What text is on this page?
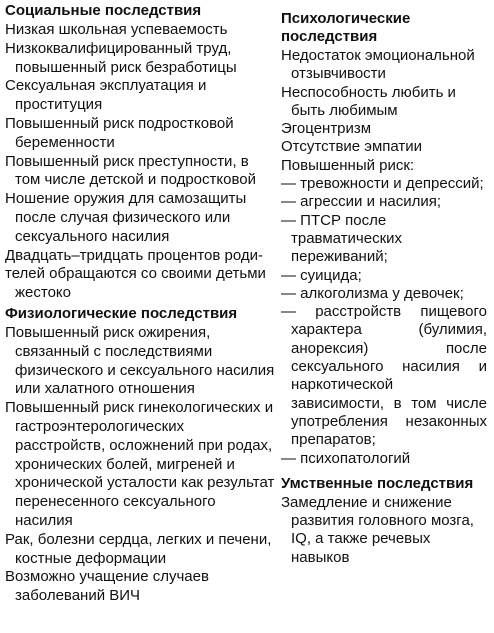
Социальные последствия
Низкая школьная успеваемость
Низкоквалифицированный труд, повышенный риск безработицы
Сексуальная эксплуатация и проституция
Повышенный риск подростковой беременности
Повышенный риск преступности, в том числе детской и подростковой
Ношение оружия для самозащиты после случая физического или сексуального насилия
Двадцать–тридцать процентов роди-
телей обращаются со своими детьми жестоко
Физиологические последствия
Повышенный риск ожирения, связанный с последствиями физического и сексуального насилия или халатного отношения
Повышенный риск гинекологических и гастроэнтерологических расстройств, осложнений при родах, хронических болей, мигреней и хронической усталости как результат перенесенного сексуального насилия
Рак, болезни сердца, легких и печени, костные деформации
Возможно учащение случаев заболеваний ВИЧ
Психологические последствия
Недостаток эмоциональной отзывчивости
Неспособность любить и быть любимым
Эгоцентризм
Отсутствие эмпатии
Повышенный риск:
— тревожности и депрессий;
— агрессии и насилия;
— ПТСР после травматических переживаний;
— суицида;
— алкоголизма у девочек;
— расстройств пищевого характера (булимия, анорексия) после сексуального насилия и наркотической зависимости, в том числе употребления незаконных препаратов;
— психопатологий
Умственные последствия
Замедление и снижение развития головного мозга, IQ, а также речевых навыков
